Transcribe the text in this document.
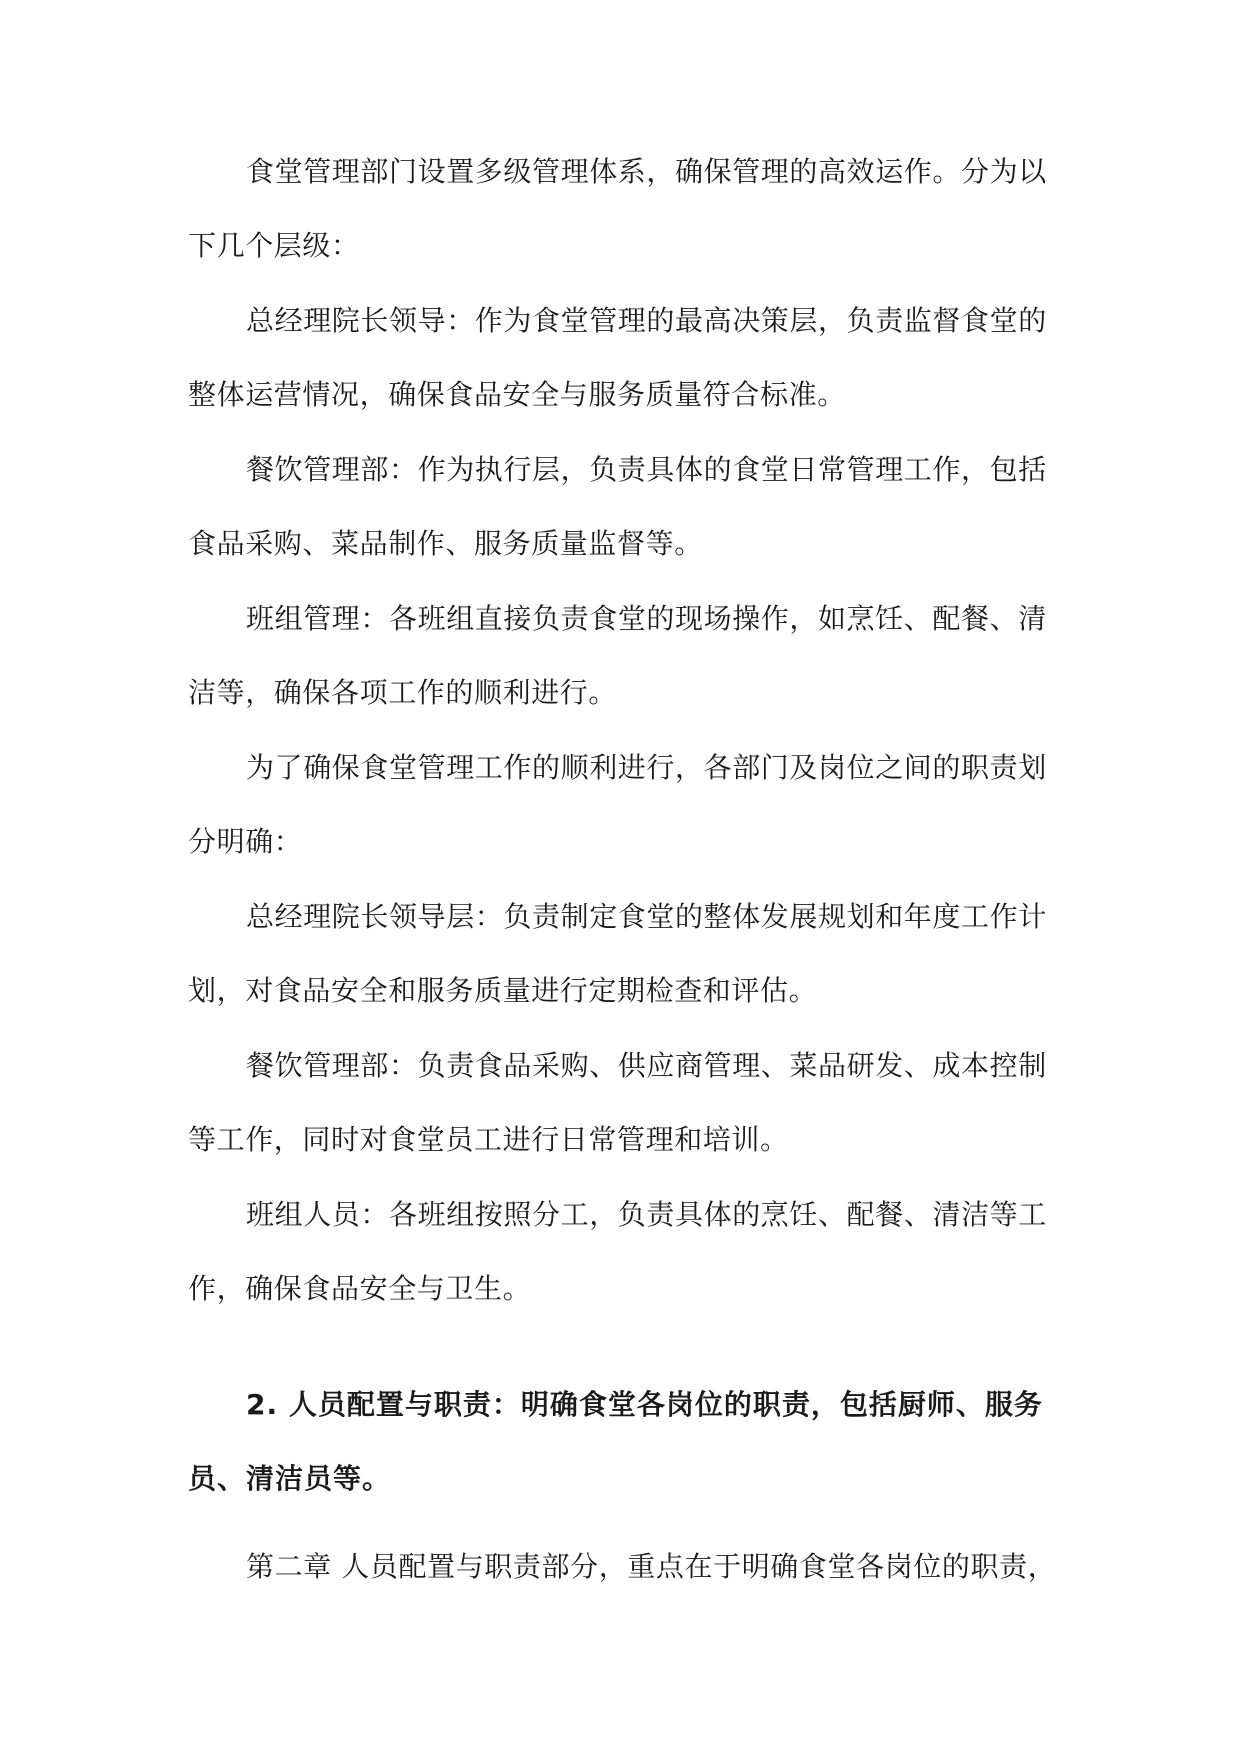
食堂管理部门设置多级管理体系，确保管理的高效运作。分为以
下几个层级：
总经理院长领导：作为食堂管理的最高决策层，负责监督食堂的
整体运营情况，确保食品安全与服务质量符合标准。
餐饮管理部：作为执行层，负责具体的食堂日常管理工作，包括
食品采购、菜品制作、服务质量监督等。
班组管理：各班组直接负责食堂的现场操作，如烹饪、配餐、清
洁等，确保各项工作的顺利进行。
为了确保食堂管理工作的顺利进行，各部门及岗位之间的职责划
分明确：
总经理院长领导层：负责制定食堂的整体发展规划和年度工作计
划，对食品安全和服务质量进行定期检查和评估。
餐饮管理部：负责食品采购、供应商管理、菜品研发、成本控制
等工作，同时对食堂员工进行日常管理和培训。
班组人员：各班组按照分工，负责具体的烹饪、配餐、清洁等工
作，确保食品安全与卫生。
2. 人员配置与职责：明确食堂各岗位的职责，包括厨师、服务
员、清洁员等。
第二章 人员配置与职责部分，重点在于明确食堂各岗位的职责，
